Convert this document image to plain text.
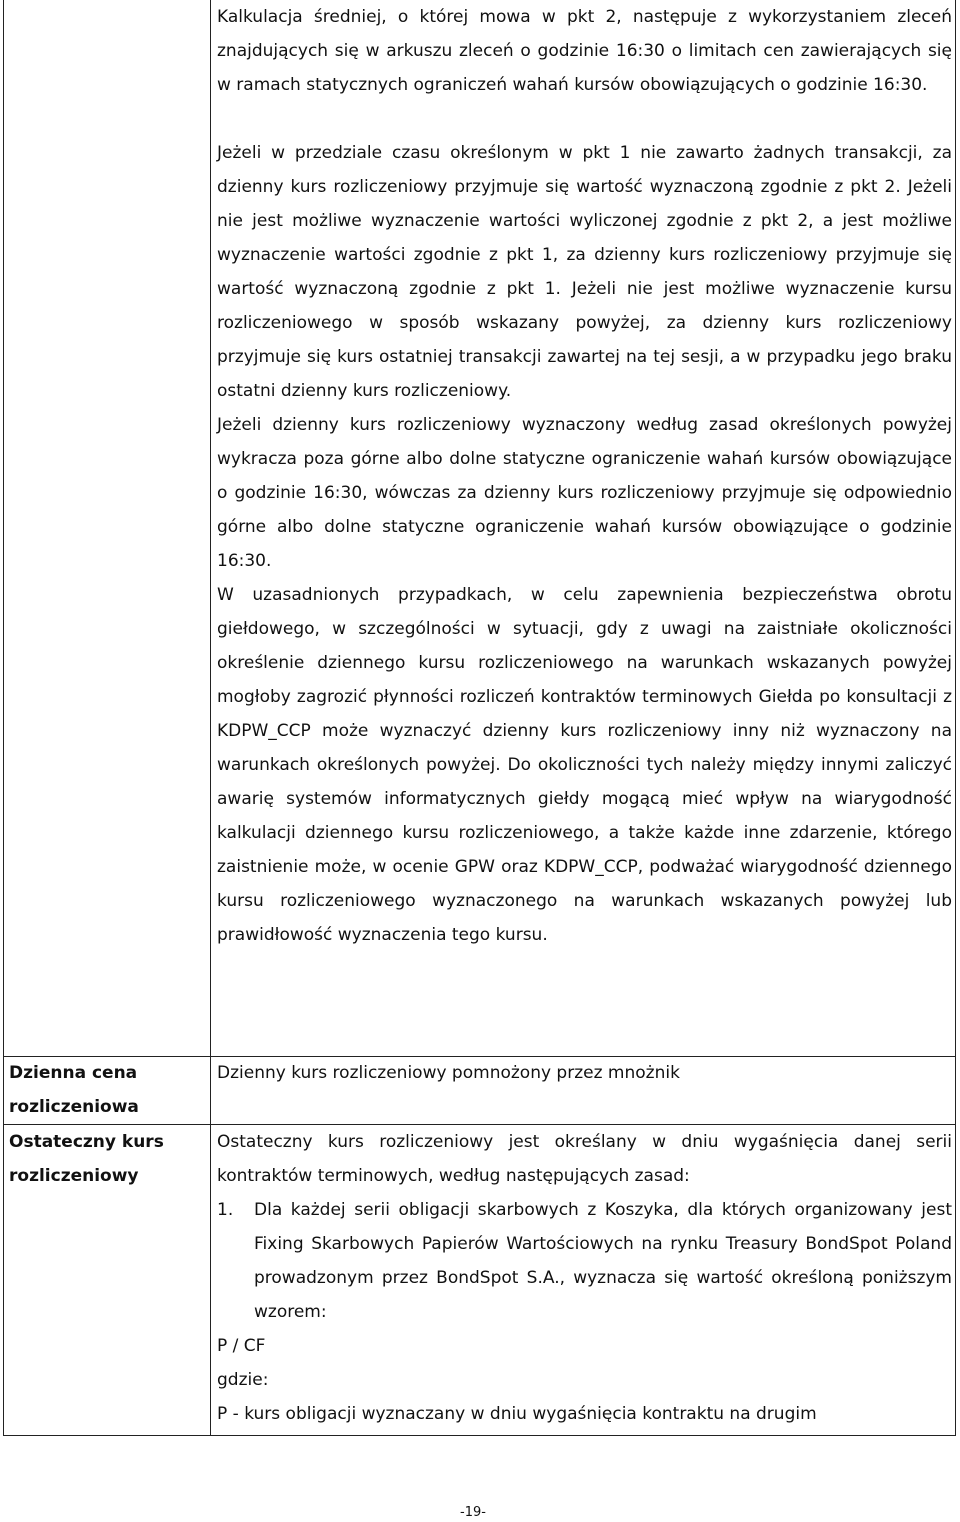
Kalkulacja średniej, o której mowa w pkt 2, następuje z wykorzystaniem zleceń znajdujących się w arkuszu zleceń o godzinie 16:30 o limitach cen zawierających się w ramach statycznych ograniczeń wahań kursów obowiązujących o godzinie 16:30.

Jeżeli w przedziale czasu określonym w pkt 1 nie zawarto żadnych transakcji, za dzienny kurs rozliczeniowy przyjmuje się wartość wyznaczoną zgodnie z pkt 2. Jeżeli nie jest możliwe wyznaczenie wartości wyliczonej zgodnie z pkt 2, a jest możliwe wyznaczenie wartości zgodnie z pkt 1, za dzienny kurs rozliczeniowy przyjmuje się wartość wyznaczoną zgodnie z pkt 1. Jeżeli nie jest możliwe wyznaczenie kursu rozliczeniowego w sposób wskazany powyżej, za dzienny kurs rozliczeniowy przyjmuje się kurs ostatniej transakcji zawartej na tej sesji, a w przypadku jego braku ostatni dzienny kurs rozliczeniowy.

Jeżeli dzienny kurs rozliczeniowy wyznaczony według zasad określonych powyżej wykracza poza górne albo dolne statyczne ograniczenie wahań kursów obowiązujące o godzinie 16:30, wówczas za dzienny kurs rozliczeniowy przyjmuje się odpowiednio górne albo dolne statyczne ograniczenie wahań kursów obowiązujące o godzinie 16:30.

W uzasadnionych przypadkach, w celu zapewnienia bezpieczeństwa obrotu giełdowego, w szczególności w sytuacji, gdy z uwagi na zaistniałe okoliczności określenie dziennego kursu rozliczeniowego na warunkach wskazanych powyżej mogłoby zagrozić płynności rozliczeń kontraktów terminowych Giełda po konsultacji z KDPW_CCP może wyznaczyć dzienny kurs rozliczeniowy inny niż wyznaczony na warunkach określonych powyżej. Do okoliczności tych należy między innymi zaliczyć awarię systemów informatycznych giełdy mogącą mieć wpływ na wiarygodność kalkulacji dziennego kursu rozliczeniowego, a także każde inne zdarzenie, którego zaistnienie może, w ocenie GPW oraz KDPW_CCP, podważać wiarygodność dziennego kursu rozliczeniowego wyznaczonego na warunkach wskazanych powyżej lub prawidłowość wyznaczenia tego kursu.

Dzienna cena rozliczeniowa

Dzienny kurs rozliczeniowy pomnożony przez mnożnik

Ostateczny kurs rozliczeniowy

Ostateczny kurs rozliczeniowy jest określany w dniu wygaśnięcia danej serii kontraktów terminowych, według następujących zasad:

1.	Dla każdej serii obligacji skarbowych z Koszyka, dla których organizowany jest Fixing Skarbowych Papierów Wartościowych na rynku Treasury BondSpot Poland prowadzonym przez BondSpot S.A., wyznacza się wartość określoną poniższym wzorem:

P / CF

gdzie:

P - kurs obligacji wyznaczany w dniu wygaśnięcia kontraktu na drugim

-19-
